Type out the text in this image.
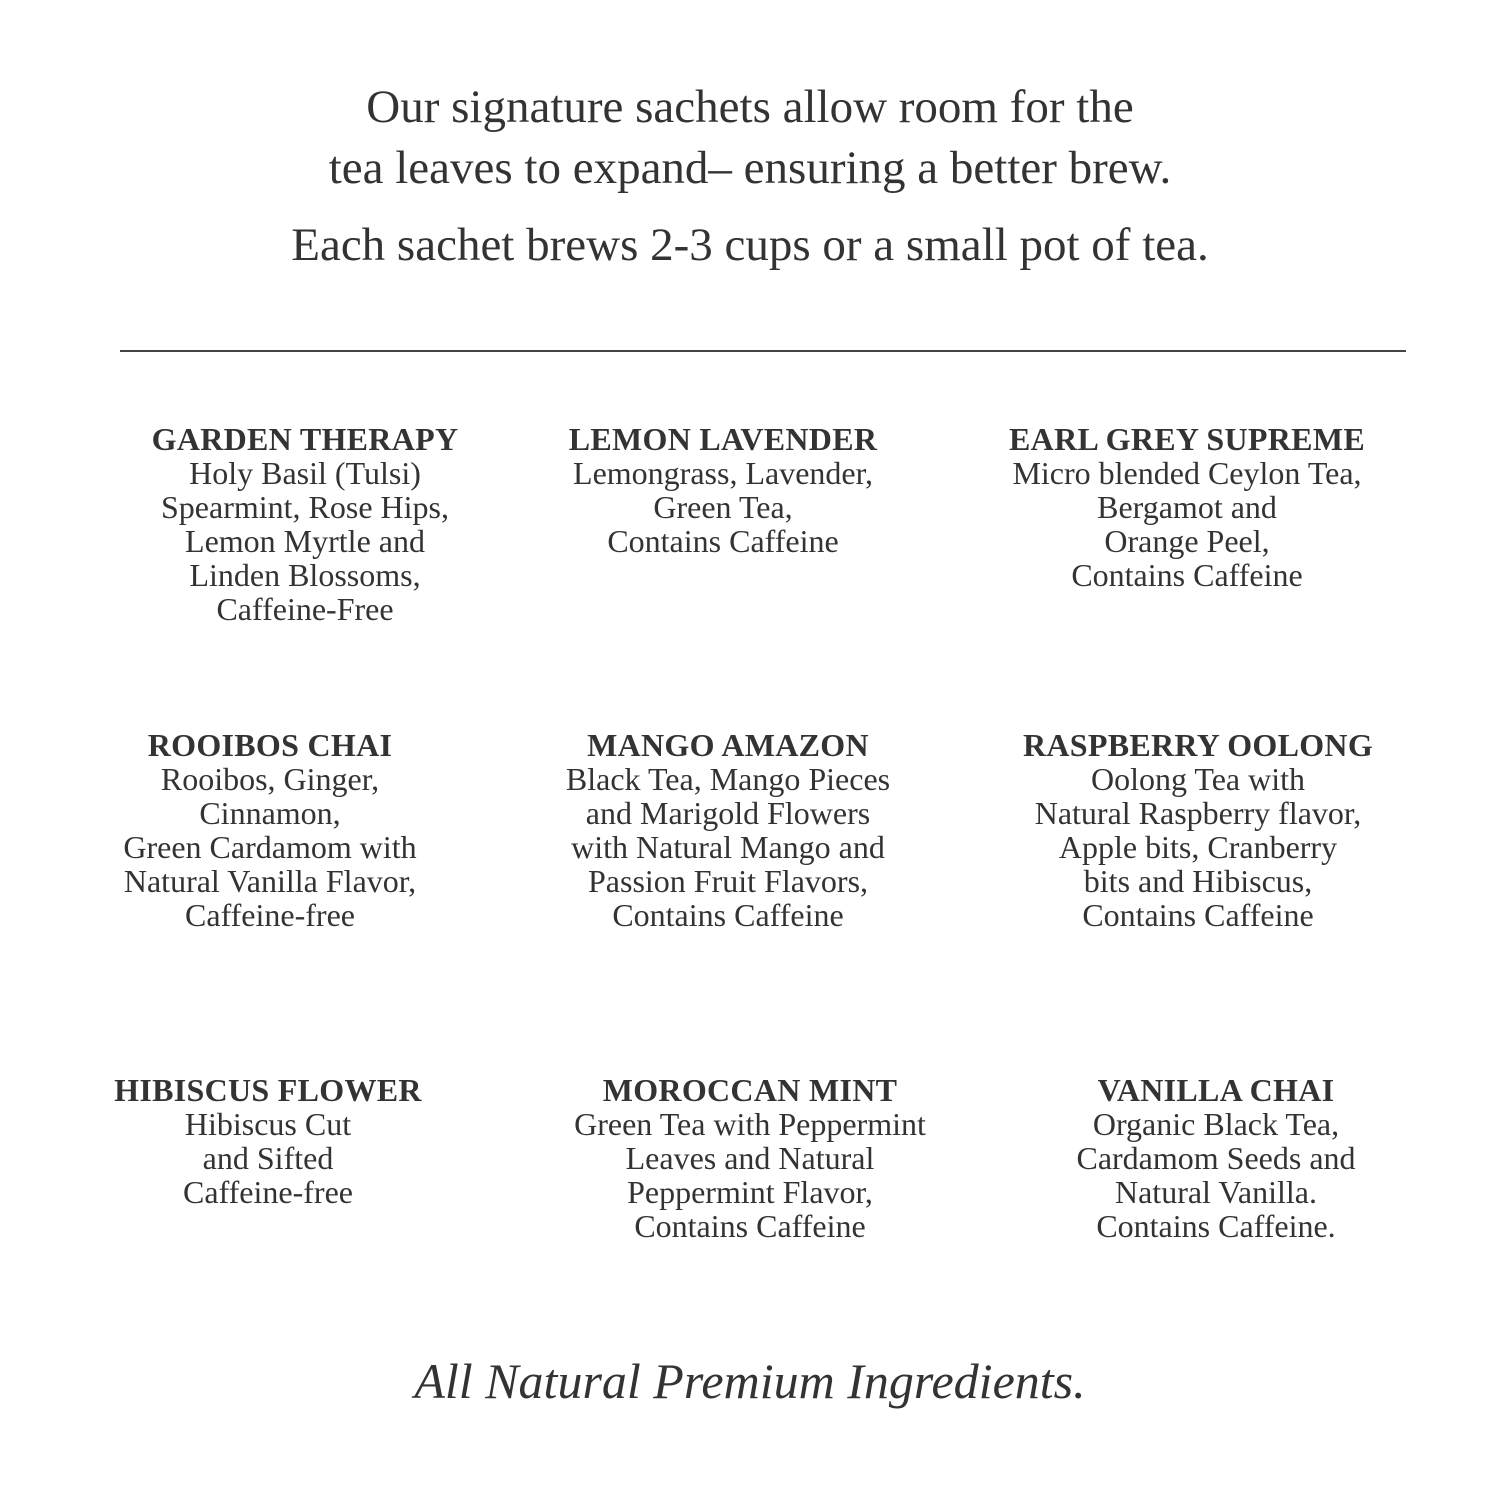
Our signature sachets allow room for the
tea leaves to expand– ensuring a better brew.
Each sachet brews 2-3 cups or a small pot of tea.
GARDEN THERAPY
Holy Basil (Tulsi)
Spearmint, Rose Hips,
Lemon Myrtle and
Linden Blossoms,
Caffeine-Free
LEMON LAVENDER
Lemongrass, Lavender,
Green Tea,
Contains Caffeine
EARL GREY SUPREME
Micro blended Ceylon Tea,
Bergamot and
Orange Peel,
Contains Caffeine
ROOIBOS CHAI
Rooibos, Ginger,
Cinnamon,
Green Cardamom with
Natural Vanilla Flavor,
Caffeine-free
MANGO AMAZON
Black Tea, Mango Pieces
and Marigold Flowers
with Natural Mango and
Passion Fruit Flavors,
Contains Caffeine
RASPBERRY OOLONG
Oolong Tea with
Natural Raspberry flavor,
Apple bits, Cranberry
bits and Hibiscus,
Contains Caffeine
HIBISCUS FLOWER
Hibiscus Cut
and Sifted
Caffeine-free
MOROCCAN MINT
Green Tea with Peppermint
Leaves and Natural
Peppermint Flavor,
Contains Caffeine
VANILLA CHAI
Organic Black Tea,
Cardamom Seeds and
Natural Vanilla.
Contains Caffeine.
All Natural Premium Ingredients.
